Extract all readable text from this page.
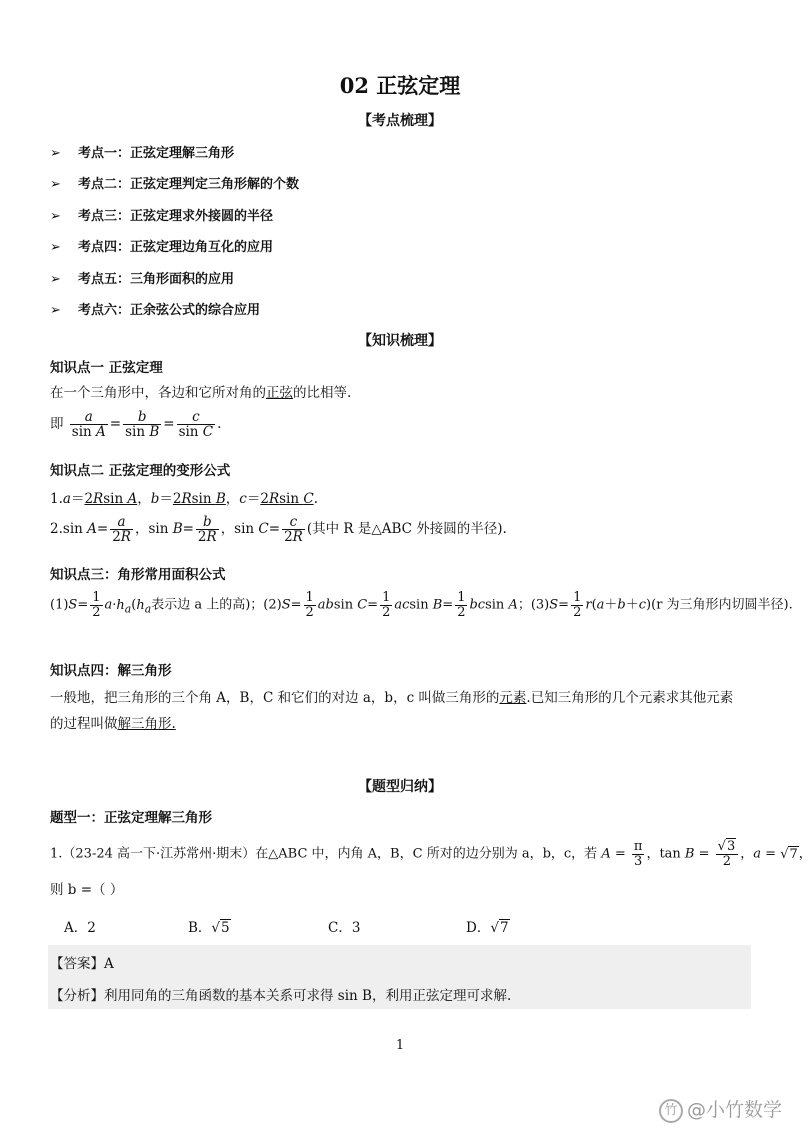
02 正弦定理
【考点梳理】
➢ 考点一：正弦定理解三角形
➢ 考点二：正弦定理判定三角形解的个数
➢ 考点三：正弦定理求外接圆的半径
➢ 考点四：正弦定理边角互化的应用
➢ 考点五：三角形面积的应用
➢ 考点六：正余弦公式的综合应用
【知识梳理】
知识点一 正弦定理
在一个三角形中，各边和它所对角的正弦的比相等.
即 $\frac{a}{\text{sin A}} = \frac{b}{\text{sin B}} = \frac{c}{\text{sin C}}$ .
知识点二 正弦定理的变形公式
1.a＝2Rsin A，b＝2Rsin B，c＝2Rsin C.
2.sin $A= \frac{a}{2R}$ ，$\sin B= \frac{b}{2R}$ ，$\sin C= \frac{c}{2R}$ (其中 R 是△ABC 外接圆的半径).
知识点三：角形常用面积公式
$(1)S= \frac{1}{2} a\cdot h_a(h_a$表示边 a 上的高)；$(2)S= \frac{1}{2}$ absin $C= \frac{1}{2}$ acsin $B= \frac{1}{2}$ bcsin A；$(3)S= \frac{1}{2} r(a+b+c)(r$ 为三角形内切圆半径).
知识点四：解三角形
一般地，把三角形的三个角 A，B，C 和它们的对边 a，b，c 叫做三角形的元素.已知三角形的几个元素求其他元素
的过程叫做解三角形.
【题型归纳】
题型一：正弦定理解三角形
1.（23-24 高一下·江苏常州·期末）在△ABC 中，内角 A，B，C 所对的边分别为 a，b，c，若 $A = \frac{\pi}{3}$ ，$\tan B = \frac{√3}{2}$ ，a = √7，
则 b =（ ）
A．2	B．√5	C．3	D．√7
【答案】A
【分析】利用同角的三角函数的基本关系可求得 sin B，利用正弦定理可求解.
1
竹 @小竹数学
